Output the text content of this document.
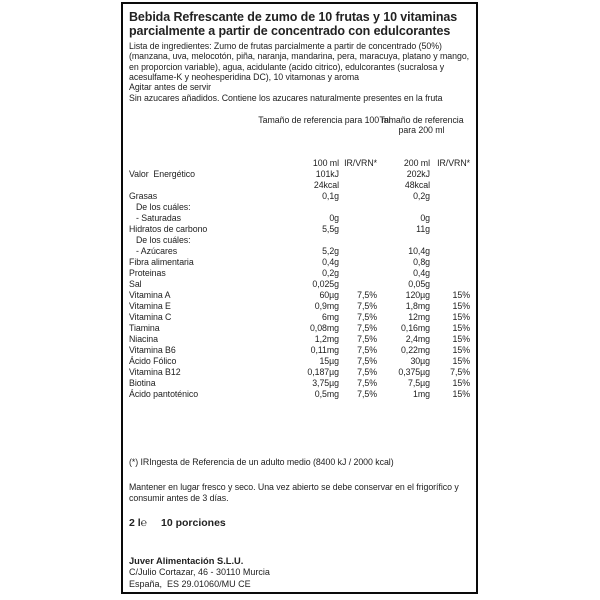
Bebida Refrescante de zumo de 10 frutas y 10 vitaminas
parcialmente a partir de concentrado con edulcorantes
Lista de ingredientes: Zumo de frutas parcialmente a partir de concentrado (50%) (manzana, uva, melocotón, piña, naranja, mandarina, pera, maracuya, platano y mango, en proporcion variable), agua, acidulante (acido citrico), edulcorantes (sucralosa y acesulfame-K y neohesperidina DC), 10 vitamonas y aroma
Agitar antes de servir
Sin azucares añadidos. Contiene los azucares naturalmente presentes en la fruta
Tamaño de referencia para 100 ml
Tamaño de referencia para 200 ml
100 ml IR/VRN*	200 ml IR/VRN*
Valor  Energético	101kJ	202kJ
24kcal	48kcal
Grasas	0,1g	0,2g
De los cuáles:
- Saturadas	0g	0g
Hidratos de carbono	5,5g	11g
De los cuáles:
- Azúcares	5,2g	10,4g
Fibra alimentaria	0,4g	0,8g
Proteinas	0,2g	0,4g
Sal	0,025g	0,05g
Vitamina A	60µg	7,5%	120µg	15%
Vitamina E	0,9mg	7,5%	1,8mg	15%
Vitamina C	6mg	7,5%	12mg	15%
Tiamina	0,08mg	7,5%	0,16mg	15%
Niacina	1,2mg	7,5%	2,4mg	15%
Vitamina B6	0,11mg	7,5%	0,22mg	15%
Ácido Fólico	15µg	7,5%	30µg	15%
Vitamina B12	0,187µg	7,5%	0,375µg	7,5%
Biotina	3,75µg	7,5%	7,5µg	15%
Ácido pantoténico	0,5mg	7,5%	1mg	15%
(*) IRIngesta de Referencia de un adulto medio (8400 kJ / 2000 kcal)
Mantener en lugar fresco y seco. Una vez abierto se debe conservar en el frigorífico y consumir antes de 3 días.
2 l℮ 10 porciones
Juver Alimentación S.L.U.
C/Julio Cortazar, 46 - 30110 Murcia
España,  ES 29.01060/MU CE
